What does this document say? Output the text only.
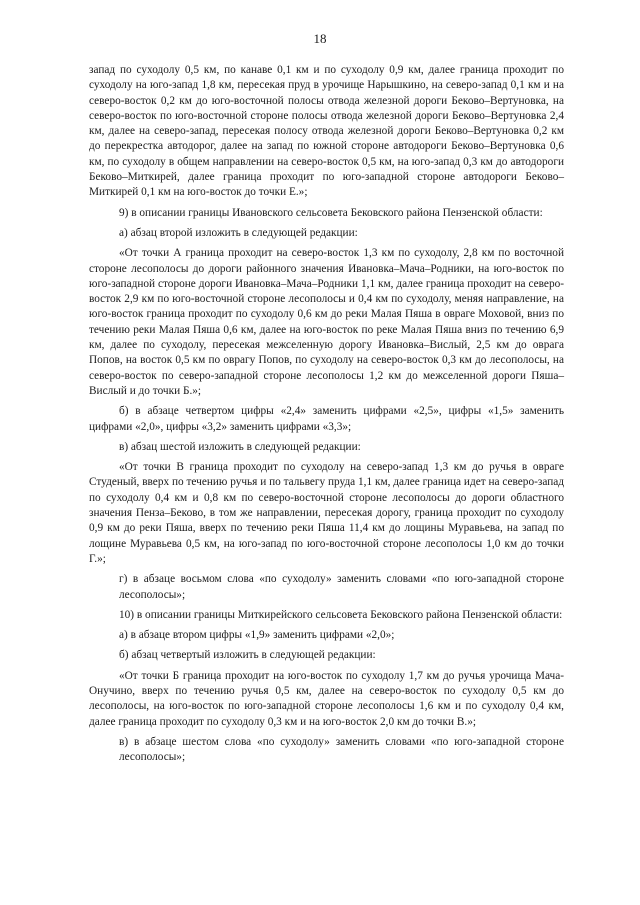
18

запад по суходолу 0,5 км, по канаве 0,1 км и по суходолу 0,9 км, далее граница проходит по суходолу на юго-запад 1,8 км, пересекая пруд в урочище Нарышкино, на северо-запад 0,1 км и на северо-восток 0,2 км до юго-восточной полосы отвода железной дороги Беково–Вертуновка, на северо-восток по юго-восточной стороне полосы отвода железной дороги Беково–Вертуновка 2,4 км, далее на северо-запад, пересекая полосу отвода железной дороги Беково–Вертуновка 0,2 км до перекрестка автодорог, далее на запад по южной стороне автодороги Беково–Вертуновка 0,6 км, по суходолу в общем направлении на северо-восток 0,5 км, на юго-запад 0,3 км до автодороги Беково–Миткирей, далее граница проходит по юго-западной стороне автодороги Беково–Миткирей 0,1 км на юго-восток до точки Е.»;

9) в описании границы Ивановского сельсовета Бековского района Пензенской области:

а) абзац второй изложить в следующей редакции:

«От точки А граница проходит на северо-восток 1,3 км по суходолу, 2,8 км по восточной стороне лесополосы до дороги районного значения Ивановка–Мача–Родники, на юго-восток по юго-западной стороне дороги Ивановка–Мача–Родники 1,1 км, далее граница проходит на северо-восток 2,9 км по юго-восточной стороне лесополосы и 0,4 км по суходолу, меняя направление, на юго-восток граница проходит по суходолу 0,6 км до реки Малая Пяша в овраге Моховой, вниз по течению реки Малая Пяша 0,6 км, далее на юго-восток по реке Малая Пяша вниз по течению 6,9 км, далее по суходолу, пересекая межселенную дорогу Ивановка–Вислый, 2,5 км до оврага Попов, на восток 0,5 км по оврагу Попов, по суходолу на северо-восток 0,3 км до лесополосы, на северо-восток по северо-западной стороне лесополосы 1,2 км до межселенной дороги Пяша–Вислый и до точки Б.»;

б) в абзаце четвертом цифры «2,4» заменить цифрами «2,5», цифры «1,5» заменить цифрами «2,0», цифры «3,2» заменить цифрами «3,3»;

в) абзац шестой изложить в следующей редакции:

«От точки В граница проходит по суходолу на северо-запад 1,3 км до ручья в овраге Студеный, вверх по течению ручья и по тальвегу пруда 1,1 км, далее граница идет на северо-запад по суходолу 0,4 км и 0,8 км по северо-восточной стороне лесополосы до дороги областного значения Пенза–Беково, в том же направлении, пересекая дорогу, граница проходит по суходолу 0,9 км до реки Пяша, вверх по течению реки Пяша 11,4 км до лощины Муравьева, на запад по лощине Муравьева 0,5 км, на юго-запад по юго-восточной стороне лесополосы 1,0 км до точки Г.»;

г) в абзаце восьмом слова «по суходолу» заменить словами «по юго-западной стороне лесополосы»;

10) в описании границы Миткирейского сельсовета Бековского района Пензенской области:

а) в абзаце втором цифры «1,9» заменить цифрами «2,0»;

б) абзац четвертый изложить в следующей редакции:

«От точки Б граница проходит на юго-восток по суходолу 1,7 км до ручья урочища Мача-Онучино, вверх по течению ручья 0,5 км, далее на северо-восток по суходолу 0,5 км до лесополосы, на юго-восток по юго-западной стороне лесополосы 1,6 км и по суходолу 0,4 км, далее граница проходит по суходолу 0,3 км и на юго-восток 2,0 км до точки В.»;

в) в абзаце шестом слова «по суходолу» заменить словами «по юго-западной стороне лесополосы»;
